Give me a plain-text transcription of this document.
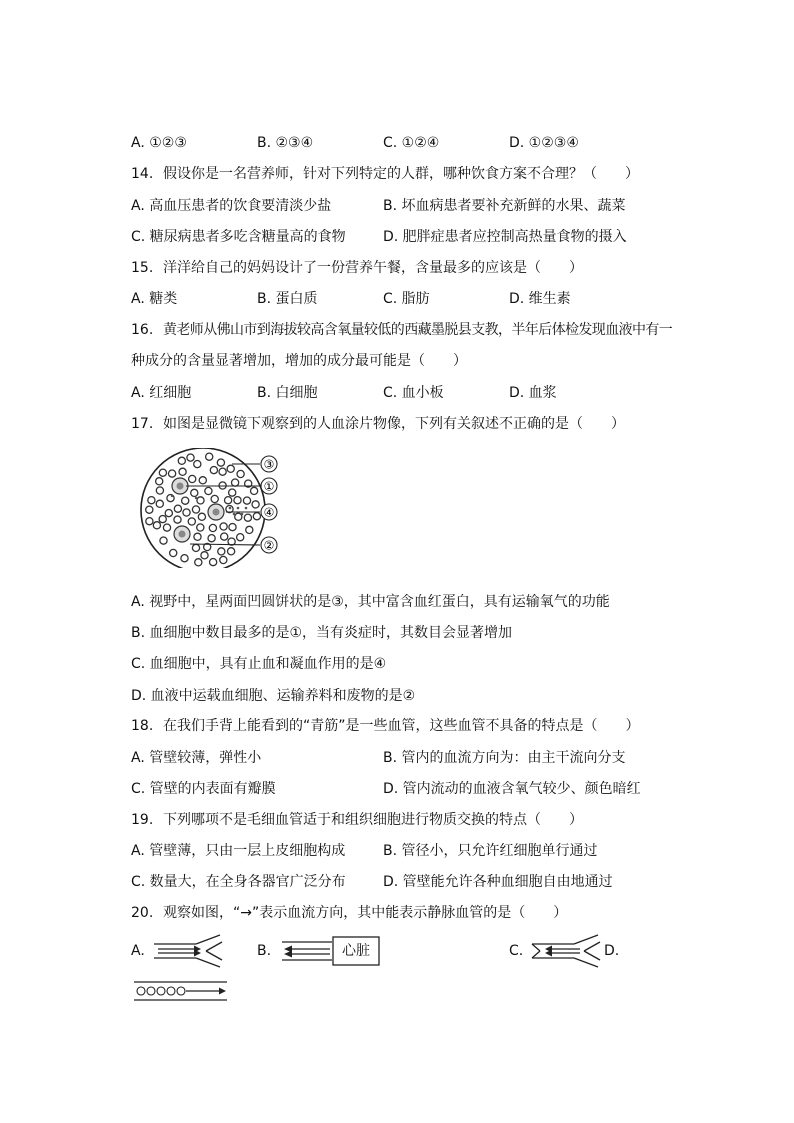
A. ①②③	B. ②③④	C. ①②④	D. ①②③④
14. 假设你是一名营养师，针对下列特定的人群，哪种饮食方案不合理？（　　）
A. 高血压患者的饮食要清淡少盐	B. 坏血病患者要补充新鲜的水果、蔬菜
C. 糖尿病患者多吃含糖量高的食物	D. 肥胖症患者应控制高热量食物的摄入
15. 洋洋给自己的妈妈设计了一份营养午餐，含量最多的应该是（　　）
A. 糖类	B. 蛋白质	C. 脂肪	D. 维生素
16. 黄老师从佛山市到海拔较高含氧量较低的西藏墨脱县支教，半年后体检发现血液中有一
种成分的含量显著增加，增加的成分最可能是（　　）
A. 红细胞	B. 白细胞	C. 血小板	D. 血浆
17. 如图是显微镜下观察到的人血涂片物像，下列有关叙述不正确的是（　　）
③
①
④
②
A. 视野中，星两面凹圆饼状的是③，其中富含血红蛋白，具有运输氧气的功能
B. 血细胞中数目最多的是①，当有炎症时，其数目会显著增加
C. 血细胞中，具有止血和凝血作用的是④
D. 血液中运载血细胞、运输养料和废物的是②
18. 在我们手背上能看到的“青筋”是一些血管，这些血管不具备的特点是（　　）
A. 管壁较薄，弹性小	B. 管内的血流方向为：由主干流向分支
C. 管壁的内表面有瓣膜	D. 管内流动的血液含氧气较少、颜色暗红
19. 下列哪项不是毛细血管适于和组织细胞进行物质交换的特点（　　）
A. 管壁薄，只由一层上皮细胞构成	B. 管径小，只允许红细胞单行通过
C. 数量大，在全身各器官广泛分布	D. 管壁能允许各种血细胞自由地通过
20. 观察如图，“→”表示血流方向，其中能表示静脉血管的是（　　）
A.	B.	心脏	C.	D.
